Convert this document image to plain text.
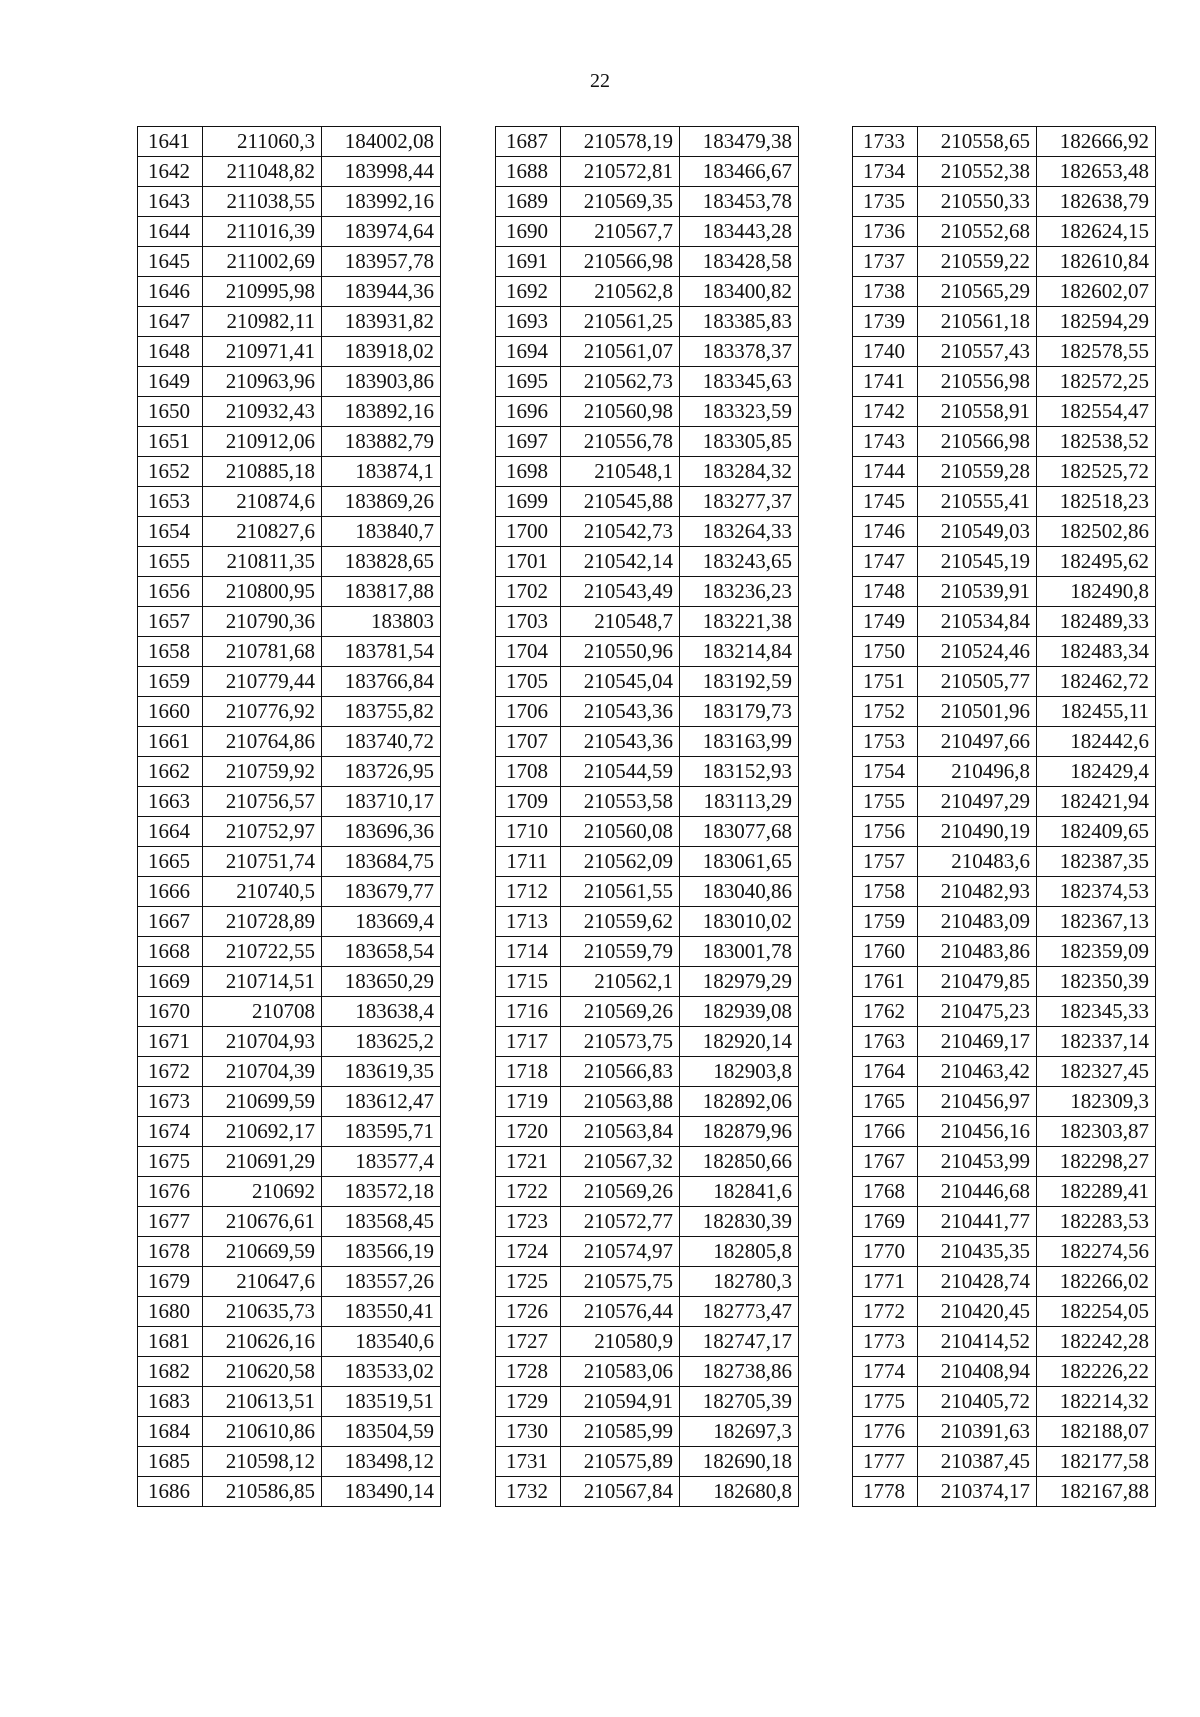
22
1641	211060,3	184002,08
1642	211048,82	183998,44
1643	211038,55	183992,16
1644	211016,39	183974,64
1645	211002,69	183957,78
1646	210995,98	183944,36
1647	210982,11	183931,82
1648	210971,41	183918,02
1649	210963,96	183903,86
1650	210932,43	183892,16
1651	210912,06	183882,79
1652	210885,18	183874,1
1653	210874,6	183869,26
1654	210827,6	183840,7
1655	210811,35	183828,65
1656	210800,95	183817,88
1657	210790,36	183803
1658	210781,68	183781,54
1659	210779,44	183766,84
1660	210776,92	183755,82
1661	210764,86	183740,72
1662	210759,92	183726,95
1663	210756,57	183710,17
1664	210752,97	183696,36
1665	210751,74	183684,75
1666	210740,5	183679,77
1667	210728,89	183669,4
1668	210722,55	183658,54
1669	210714,51	183650,29
1670	210708	183638,4
1671	210704,93	183625,2
1672	210704,39	183619,35
1673	210699,59	183612,47
1674	210692,17	183595,71
1675	210691,29	183577,4
1676	210692	183572,18
1677	210676,61	183568,45
1678	210669,59	183566,19
1679	210647,6	183557,26
1680	210635,73	183550,41
1681	210626,16	183540,6
1682	210620,58	183533,02
1683	210613,51	183519,51
1684	210610,86	183504,59
1685	210598,12	183498,12
1686	210586,85	183490,14
1687	210578,19	183479,38
1688	210572,81	183466,67
1689	210569,35	183453,78
1690	210567,7	183443,28
1691	210566,98	183428,58
1692	210562,8	183400,82
1693	210561,25	183385,83
1694	210561,07	183378,37
1695	210562,73	183345,63
1696	210560,98	183323,59
1697	210556,78	183305,85
1698	210548,1	183284,32
1699	210545,88	183277,37
1700	210542,73	183264,33
1701	210542,14	183243,65
1702	210543,49	183236,23
1703	210548,7	183221,38
1704	210550,96	183214,84
1705	210545,04	183192,59
1706	210543,36	183179,73
1707	210543,36	183163,99
1708	210544,59	183152,93
1709	210553,58	183113,29
1710	210560,08	183077,68
1711	210562,09	183061,65
1712	210561,55	183040,86
1713	210559,62	183010,02
1714	210559,79	183001,78
1715	210562,1	182979,29
1716	210569,26	182939,08
1717	210573,75	182920,14
1718	210566,83	182903,8
1719	210563,88	182892,06
1720	210563,84	182879,96
1721	210567,32	182850,66
1722	210569,26	182841,6
1723	210572,77	182830,39
1724	210574,97	182805,8
1725	210575,75	182780,3
1726	210576,44	182773,47
1727	210580,9	182747,17
1728	210583,06	182738,86
1729	210594,91	182705,39
1730	210585,99	182697,3
1731	210575,89	182690,18
1732	210567,84	182680,8
1733	210558,65	182666,92
1734	210552,38	182653,48
1735	210550,33	182638,79
1736	210552,68	182624,15
1737	210559,22	182610,84
1738	210565,29	182602,07
1739	210561,18	182594,29
1740	210557,43	182578,55
1741	210556,98	182572,25
1742	210558,91	182554,47
1743	210566,98	182538,52
1744	210559,28	182525,72
1745	210555,41	182518,23
1746	210549,03	182502,86
1747	210545,19	182495,62
1748	210539,91	182490,8
1749	210534,84	182489,33
1750	210524,46	182483,34
1751	210505,77	182462,72
1752	210501,96	182455,11
1753	210497,66	182442,6
1754	210496,8	182429,4
1755	210497,29	182421,94
1756	210490,19	182409,65
1757	210483,6	182387,35
1758	210482,93	182374,53
1759	210483,09	182367,13
1760	210483,86	182359,09
1761	210479,85	182350,39
1762	210475,23	182345,33
1763	210469,17	182337,14
1764	210463,42	182327,45
1765	210456,97	182309,3
1766	210456,16	182303,87
1767	210453,99	182298,27
1768	210446,68	182289,41
1769	210441,77	182283,53
1770	210435,35	182274,56
1771	210428,74	182266,02
1772	210420,45	182254,05
1773	210414,52	182242,28
1774	210408,94	182226,22
1775	210405,72	182214,32
1776	210391,63	182188,07
1777	210387,45	182177,58
1778	210374,17	182167,88
